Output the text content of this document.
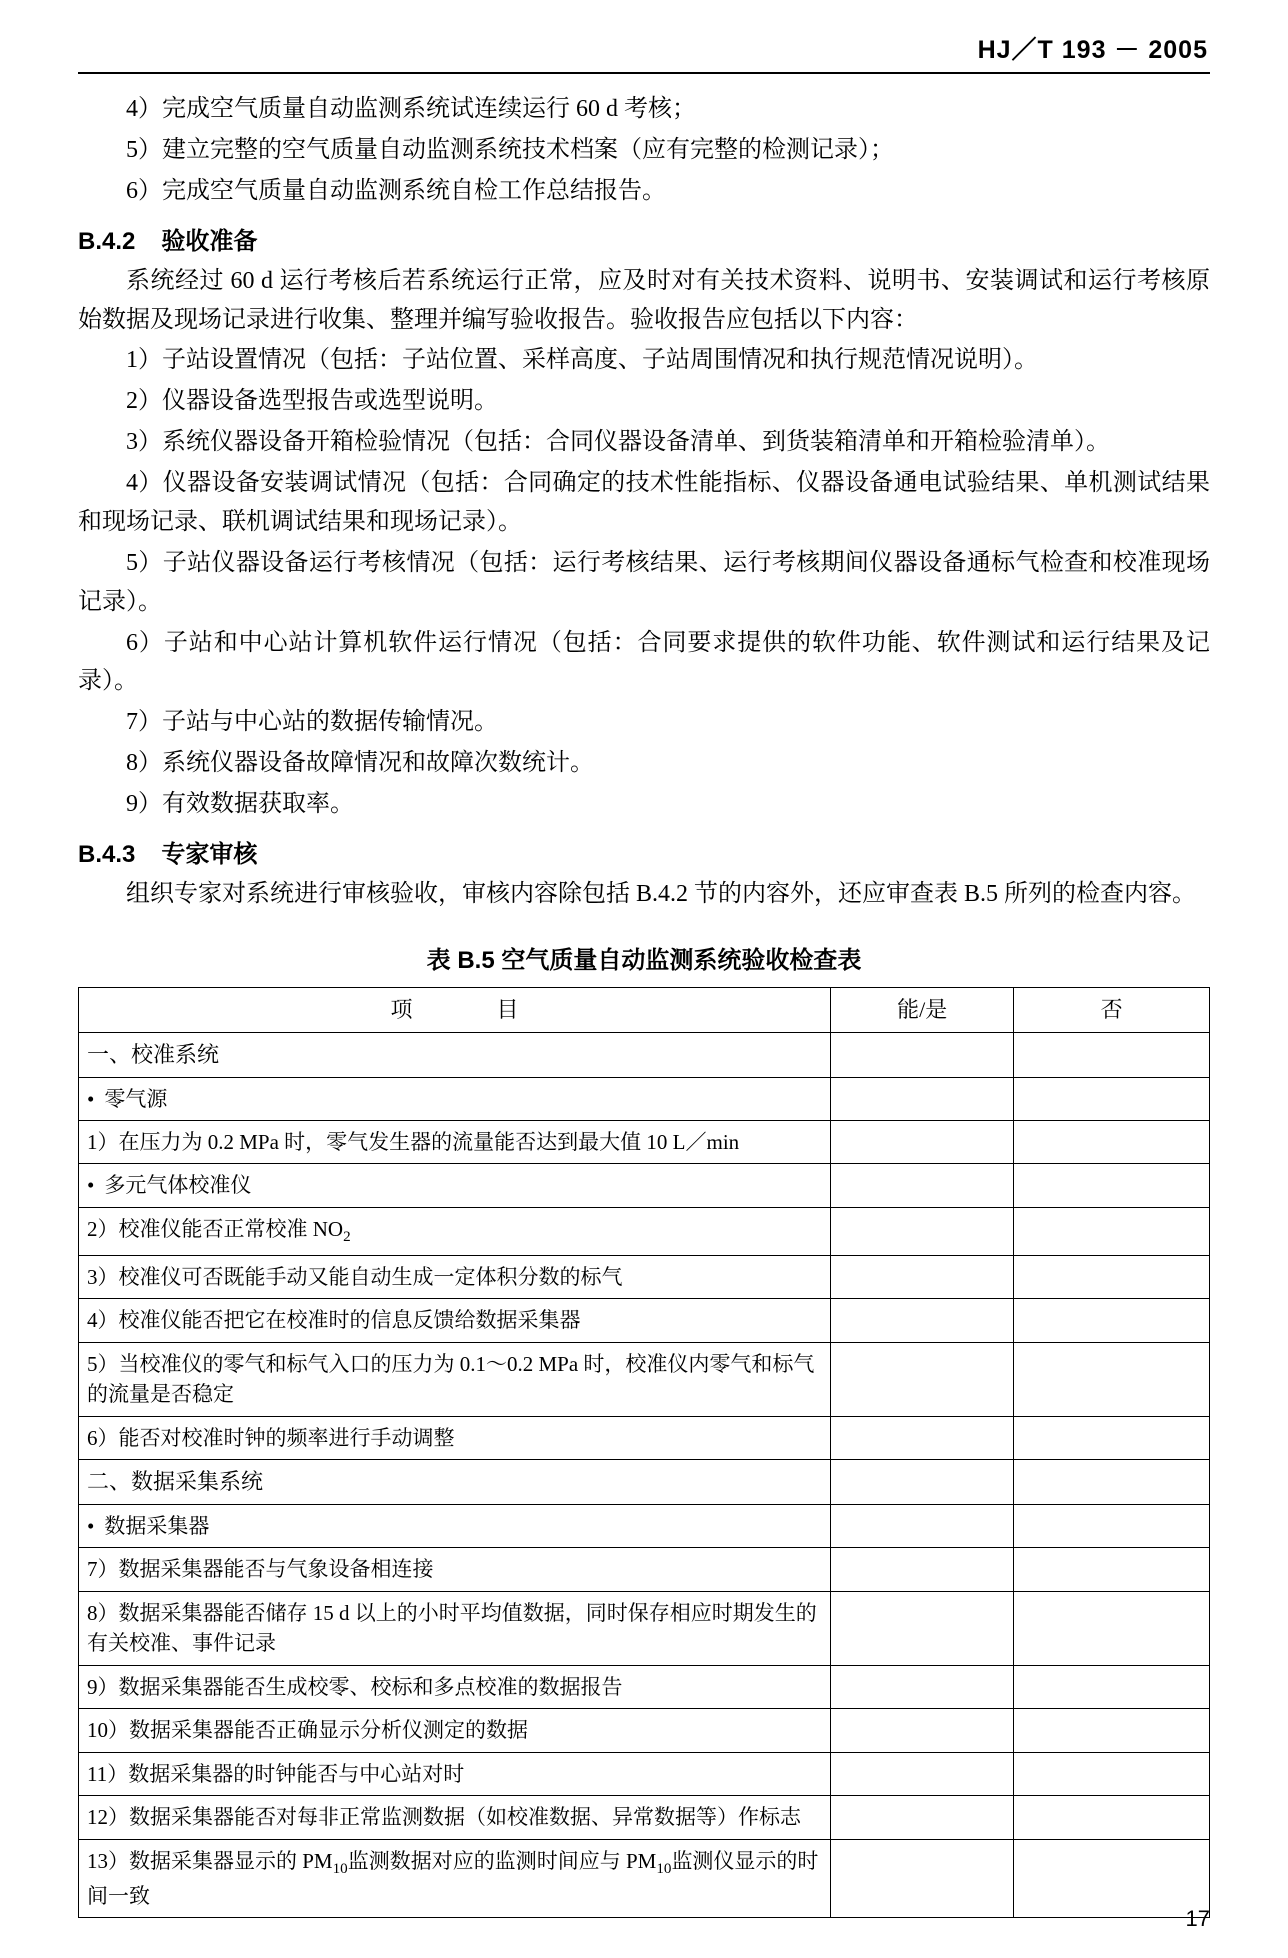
HJ／T 193 － 2005

4）完成空气质量自动监测系统试连续运行 60 d 考核；

5）建立完整的空气质量自动监测系统技术档案（应有完整的检测记录）；

6）完成空气质量自动监测系统自检工作总结报告。

B.4.2 验收准备

系统经过 60 d 运行考核后若系统运行正常，应及时对有关技术资料、说明书、安装调试和运行考核原始数据及现场记录进行收集、整理并编写验收报告。验收报告应包括以下内容：

1）子站设置情况（包括：子站位置、采样高度、子站周围情况和执行规范情况说明）。

2）仪器设备选型报告或选型说明。

3）系统仪器设备开箱检验情况（包括：合同仪器设备清单、到货装箱清单和开箱检验清单）。

4）仪器设备安装调试情况（包括：合同确定的技术性能指标、仪器设备通电试验结果、单机测试结果和现场记录、联机调试结果和现场记录）。

5）子站仪器设备运行考核情况（包括：运行考核结果、运行考核期间仪器设备通标气检查和校准现场记录）。

6）子站和中心站计算机软件运行情况（包括：合同要求提供的软件功能、软件测试和运行结果及记录）。

7）子站与中心站的数据传输情况。

8）系统仪器设备故障情况和故障次数统计。

9）有效数据获取率。

B.4.3 专家审核

组织专家对系统进行审核验收，审核内容除包括 B.4.2 节的内容外，还应审查表 B.5 所列的检查内容。

表 B.5 空气质量自动监测系统验收检查表
项 目	能/是	否
一、校准系统		
• 零气源		
1）在压力为 0.2 MPa 时，零气发生器的流量能否达到最大值 10 L／min		
• 多元气体校准仪		
2）校准仪能否正常校准 $NO_2$		
3）校准仪可否既能手动又能自动生成一定体积分数的标气		
4）校准仪能否把它在校准时的信息反馈给数据采集器		
5）当校准仪的零气和标气入口的压力为 0.1～0.2 MPa 时，校准仪内零气和标气的流量是否稳定		
6）能否对校准时钟的频率进行手动调整		
二、数据采集系统		
• 数据采集器		
7）数据采集器能否与气象设备相连接		
8）数据采集器能否储存 15 d 以上的小时平均值数据，同时保存相应时期发生的有关校准、事件记录		
9）数据采集器能否生成校零、校标和多点校准的数据报告		
10）数据采集器能否正确显示分析仪测定的数据		
11）数据采集器的时钟能否与中心站对时		
12）数据采集器能否对每非正常监测数据（如校准数据、异常数据等）作标志		
13）数据采集器显示的 $PM_{10}$监测数据对应的监测时间应与 $PM_{10}$监测仪显示的时间一致		
17
